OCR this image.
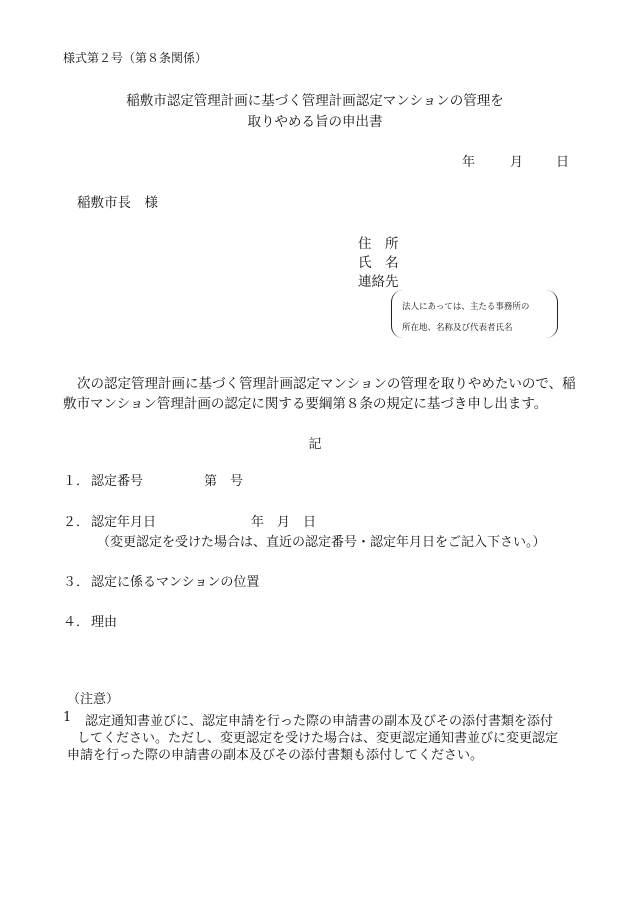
様式第２号（第８条関係）
稲敷市認定管理計画に基づく管理計画認定マンションの管理を
取りやめる旨の申出書
年	月	日
稲敷市長　様
住　所
氏　名
連絡先
法人にあっては、主たる事務所の
所在地、名称及び代表者氏名
次の認定管理計画に基づく管理計画認定マンションの管理を取りやめたいので、稲
敷市マンション管理計画の認定に関する要綱第８条の規定に基づき申し出ます。
記
１． 認定番号	第　号
２． 認定年月日	年　月　日
（変更認定を受けた場合は、直近の認定番号・認定年月日をご記入下さい。）
３． 認定に係るマンションの位置
４． 理由
（注意）
1 認定通知書並びに、認定申請を行った際の申請書の副本及びその添付書類を添付
してください。ただし、変更認定を受けた場合は、変更認定通知書並びに変更認定
申請を行った際の申請書の副本及びその添付書類も添付してください。
